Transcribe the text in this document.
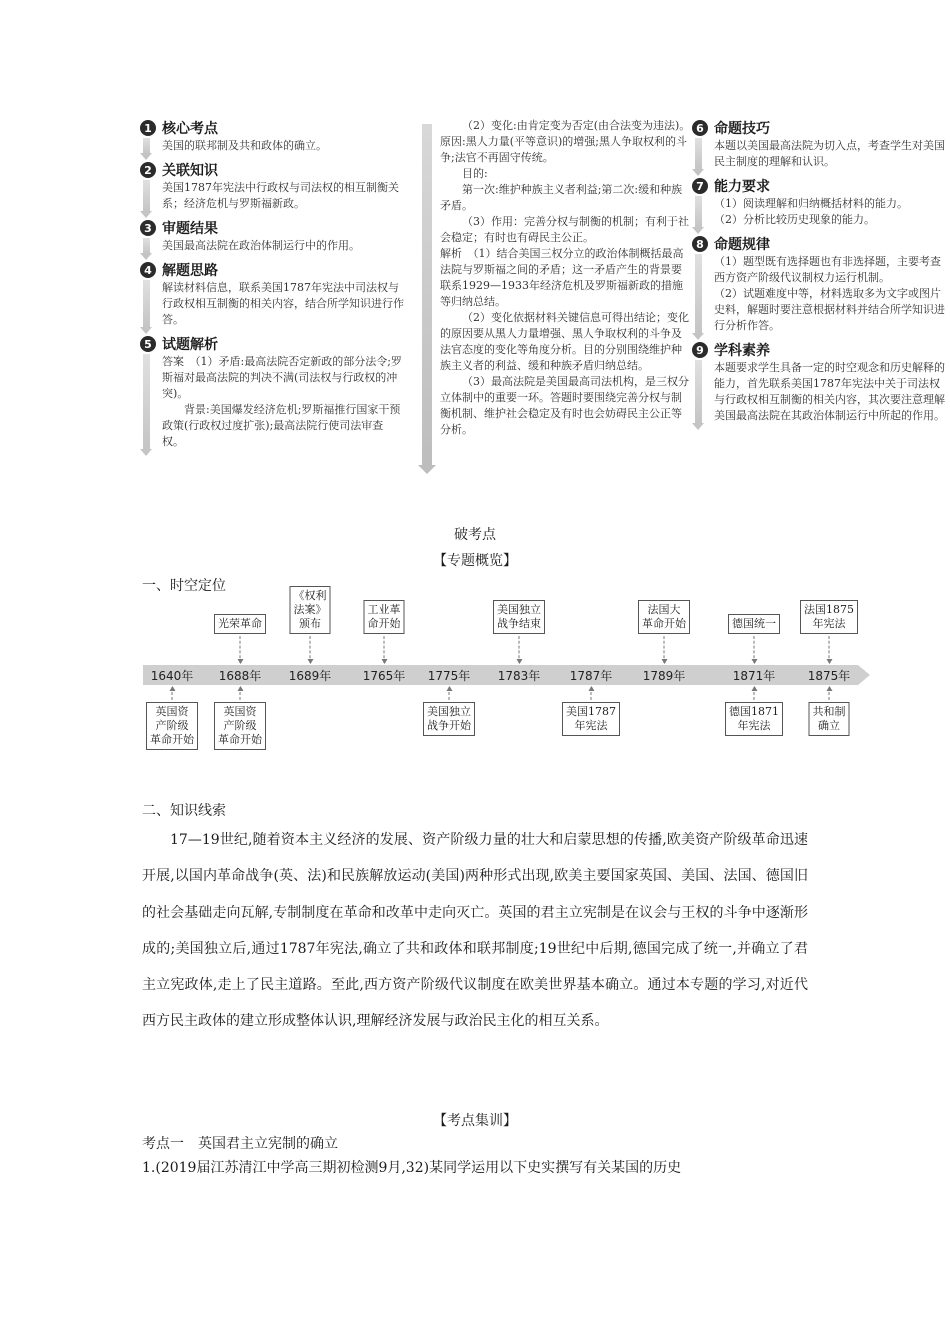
1 核心考点

美国的联邦制及共和政体的确立。

2 关联知识

美国1787年宪法中行政权与司法权的相互制衡关系；经济危机与罗斯福新政。

3 审题结果

美国最高法院在政治体制运行中的作用。

4 解题思路

解读材料信息，联系美国1787年宪法中司法权与行政权相互制衡的相关内容，结合所学知识进行作答。

5 试题解析

答案　（1）矛盾:最高法院否定新政的部分法令;罗斯福对最高法院的判决不满(司法权与行政权的冲突)。

背景:美国爆发经济危机;罗斯福推行国家干预政策(行政权过度扩张);最高法院行使司法审查权。

（2）变化:由肯定变为否定(由合法变为违法)。原因:黑人力量(平等意识)的增强;黑人争取权利的斗争;法官不再固守传统。

目的:

第一次:维护种族主义者利益;第二次:缓和种族矛盾。

（3）作用：完善分权与制衡的机制；有利于社会稳定；有时也有碍民主公正。

解析　（1）结合美国三权分立的政治体制概括最高法院与罗斯福之间的矛盾；这一矛盾产生的背景要联系1929—1933年经济危机及罗斯福新政的措施等归纳总结。

（2）变化依据材料关键信息可得出结论；变化的原因要从黑人力量增强、黑人争取权利的斗争及法官态度的变化等角度分析。目的分别围绕维护种族主义者的利益、缓和种族矛盾归纳总结。

（3）最高法院是美国最高司法机构，是三权分立体制中的重要一环。答题时要围绕完善分权与制衡机制、维护社会稳定及有时也会妨碍民主公正等分析。

6 命题技巧

本题以美国最高法院为切入点，考查学生对美国民主制度的理解和认识。

7 能力要求

（1）阅读理解和归纳概括材料的能力。

（2）分析比较历史现象的能力。

8 命题规律

（1）题型既有选择题也有非选择题，主要考查西方资产阶级代议制权力运行机制。

（2）试题难度中等，材料选取多为文字或图片史料，解题时要注意根据材料并结合所学知识进行分析作答。

9 学科素养

本题要求学生具备一定的时空观念和历史解释的能力，首先联系美国1787年宪法中关于司法权与行政权相互制衡的相关内容，其次要注意理解美国最高法院在其政治体制运行中所起的作用。

破考点
【专题概览】
一、时空定位
1640年 1688年 1689年	1765年 1775年 1783年 1787年	1789年	1871年	1875年
光荣革命
《权利
法案》
颁布
工业革
命开始
美国独立
战争结束
法国大
革命开始	德国统一
法国1875
年宪法
英国资
产阶级
革命开始
英国资
产阶级
革命开始
美国独立
战争开始
美国1787
年宪法
德国1871
年宪法
共和制
确立
二、知识线索
17—19世纪,随着资本主义经济的发展、资产阶级力量的壮大和启蒙思想的传播,欧美资产阶级革命迅速开展,以国内革命战争(英、法)和民族解放运动(美国)两种形式出现,欧美主要国家英国、美国、法国、德国旧的社会基础走向瓦解,专制制度在革命和改革中走向灭亡。英国的君主立宪制是在议会与王权的斗争中逐渐形成的;美国独立后,通过1787年宪法,确立了共和政体和联邦制度;19世纪中后期,德国完成了统一,并确立了君主立宪政体,走上了民主道路。至此,西方资产阶级代议制度在欧美世界基本确立。通过本专题的学习,对近代西方民主政体的建立形成整体认识,理解经济发展与政治民主化的相互关系。
【考点集训】
考点一　英国君主立宪制的确立
1.(2019届江苏清江中学高三期初检测9月,32)某同学运用以下史实撰写有关某国的历史
